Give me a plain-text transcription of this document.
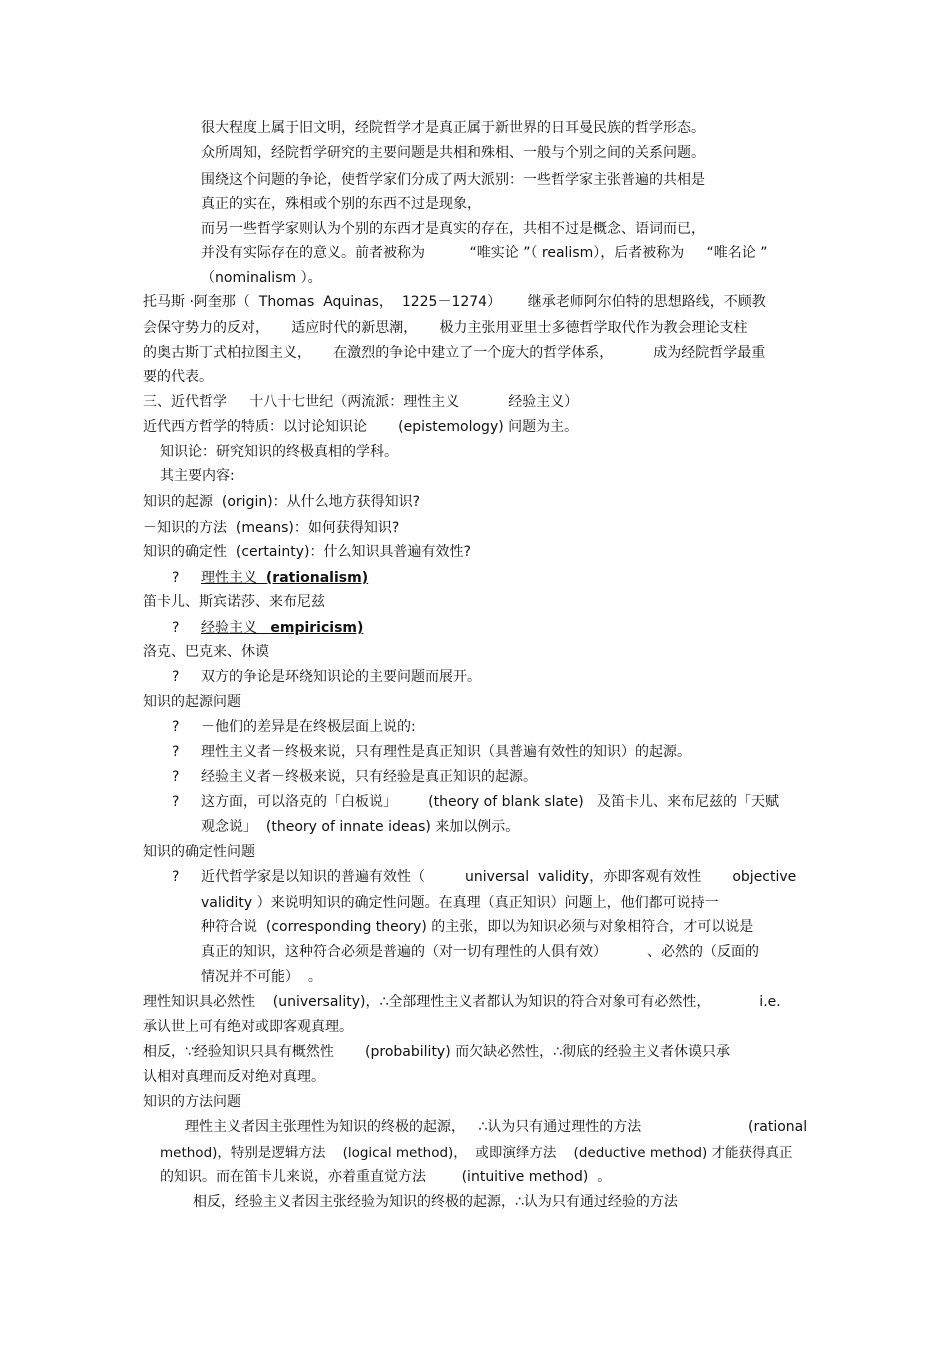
很大程度上属于旧文明，经院哲学才是真正属于新世界的日耳曼民族的哲学形态。
众所周知，经院哲学研究的主要问题是共相和殊相、一般与个别之间的关系问题。
围绕这个问题的争论，使哲学家们分成了两大派别：一些哲学家主张普遍的共相是
真正的实在，殊相或个别的东西不过是现象，
而另一些哲学家则认为个别的东西才是真实的存在，共相不过是概念、语词而已，
并没有实际存在的意义。前者被称为          “唯实论 ”（ realism），后者被称为     “唯名论 ”
（nominalism ）。
托马斯 ·阿奎那（  Thomas  Aquinas，  1225－1274）      继承老师阿尔伯特的思想路线，不顾教
会保守势力的反对，     适应时代的新思潮，     极力主张用亚里士多德哲学取代作为教会理论支柱
的奥古斯丁式柏拉图主义，     在激烈的争论中建立了一个庞大的哲学体系，         成为经院哲学最重
要的代表。
三、近代哲学     十八十七世纪（两流派：理性主义           经验主义）
近代西方哲学的特质：以讨论知识论       (epistemology) 问题为主。
知识论：研究知识的终极真相的学科。
其主要内容:
知识的起源  (origin)：从什么地方获得知识?
－知识的方法  (means)：如何获得知识?
知识的确定性  (certainty)：什么知识具普遍有效性?
? 理性主义  (rationalism)
笛卡儿、斯宾诺莎、来布尼兹
? 经验主义   empiricism)
洛克、巴克来、休谟
? 双方的争论是环绕知识论的主要问题而展开。
知识的起源问题
? －他们的差异是在终极层面上说的:
? 理性主义者－终极来说，只有理性是真正知识（具普遍有效性的知识）的起源。
? 经验主义者－终极来说，只有经验是真正知识的起源。
? 这方面，可以洛克的「白板说」       (theory of blank slate)   及笛卡儿、来布尼兹的「天赋
观念说」  (theory of innate ideas) 来加以例示。
知识的确定性问题
? 近代哲学家是以知识的普遍有效性（         universal  validity，亦即客观有效性       objective
validity ）来说明知识的确定性问题。在真理（真正知识）问题上，他们都可说持一
种符合说  (corresponding theory) 的主张，即以为知识必须与对象相符合，才可以说是
真正的知识，这种符合必须是普遍的（对一切有理性的人俱有效）         、必然的（反面的
情况并不可能）  。
理性知识具必然性    (universality)，∴全部理性主义者都认为知识的符合对象可有必然性，           i.e.
承认世上可有绝对或即客观真理。
相反，∵经验知识只具有概然性       (probability) 而欠缺必然性，∴彻底的经验主义者休谟只承
认相对真理而反对绝对真理。
知识的方法问题
理性主义者因主张理性为知识的终极的起源，   ∴认为只有通过理性的方法                        (rational
method)，特别是逻辑方法    (logical method)，  或即演绎方法    (deductive method) 才能获得真正
的知识。而在笛卡儿来说，亦着重直觉方法        (intuitive method)  。
相反，经验主义者因主张经验为知识的终极的起源，∴认为只有通过经验的方法
